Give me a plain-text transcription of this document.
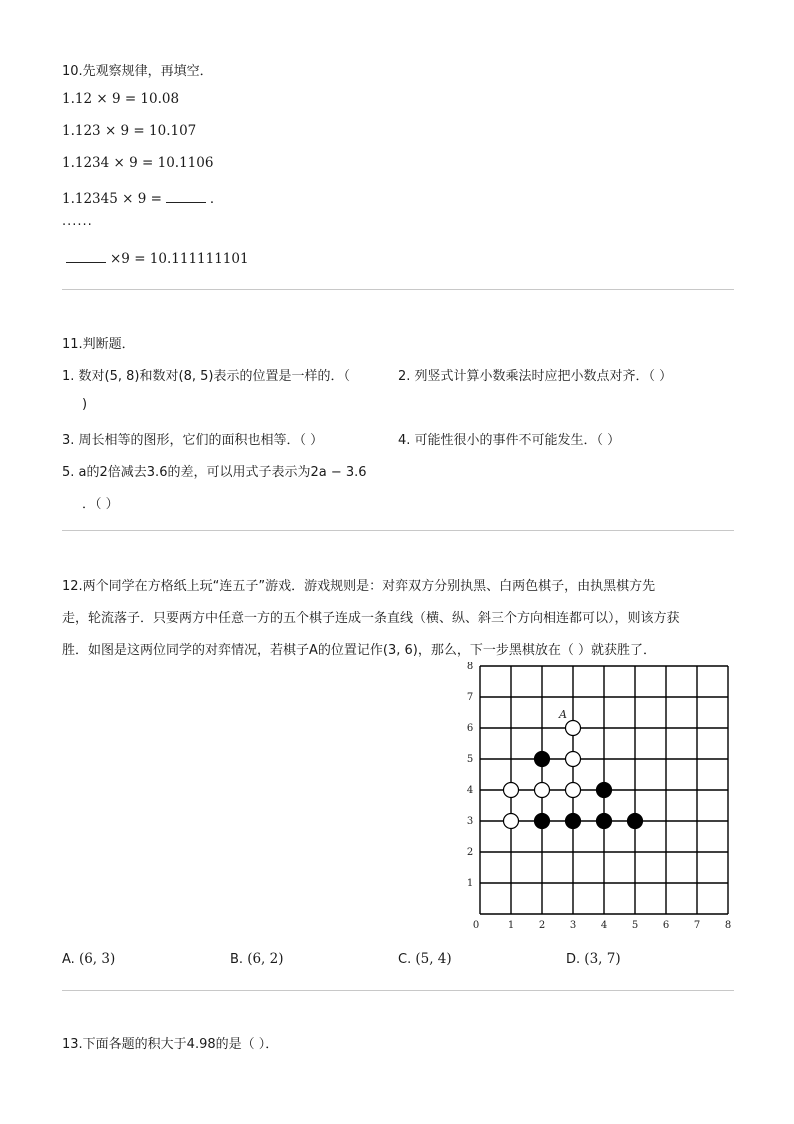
10.先观察规律，再填空．
1.12 × 9 = 10.08
1.123 × 9 = 10.107
1.1234 × 9 = 10.1106
1.12345 × 9 =	．
······
×9 = 10.111111101
11.判断题．
1. 数对(5, 8)和数对(8, 5)表示的位置是一样的．（
)
2. 列竖式计算小数乘法时应把小数点对齐．（ ）
3. 周长相等的图形，它们的面积也相等．（ ）	4. 可能性很小的事件不可能发生．（ ）
5. a的2倍减去3.6的差，可以用式子表示为2a − 3.6
．（ ）
12.两个同学在方格纸上玩“连五子”游戏．游戏规则是：对弈双方分别执黑、白两色棋子，由执黑棋方先
走，轮流落子．只要两方中任意一方的五个棋子连成一条直线（横、纵、斜三个方向相连都可以），则该方获
胜．如图是这两位同学的对弈情况，若棋子A的位置记作(3, 6)，那么，下一步黑棋放在（ ）就获胜了．
0	1 2 3 4 5 6 7 8
1
2
3
4
5
6
7
8
A
A. (6, 3)	B. (6, 2)	C. (5, 4)	D. (3, 7)
13.下面各题的积大于4.98的是（ ）．
